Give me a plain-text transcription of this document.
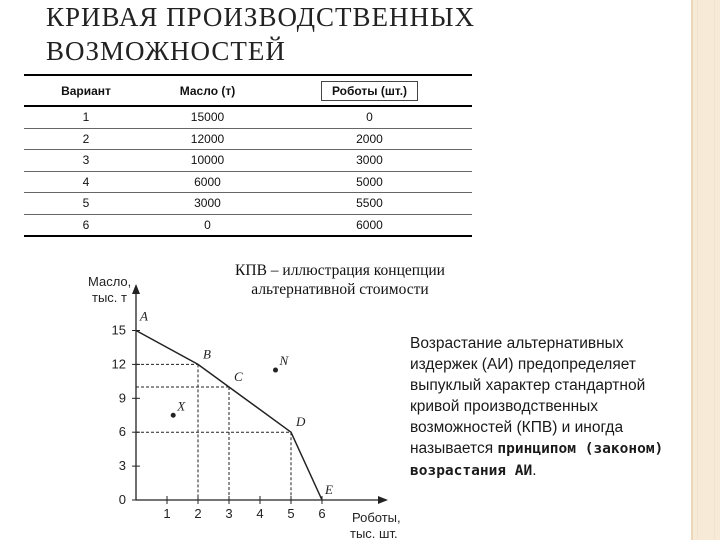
КРИВАЯ ПРОИЗВОДСТВЕННЫХ ВОЗМОЖНОСТЕЙ
Вариант	Масло (т)	Роботы (шт.)
1	15000	0
2	12000	2000
3	10000	3000
4	6000	5000
5	3000	5500
6	0	6000
1 2 3 4 5 6
0
3
6
9
12
15
Масло,
тыс. т
Роботы,
тыс. шт.
A
B
C
D
E
N
X
КПВ – иллюстрация концепции альтернативной стоимости
Возрастание альтернативных издержек (АИ) предопределяет выпуклый характер стандартной кривой производственных возможностей (КПВ) и иногда называется принципом (законом) возрастания АИ.
